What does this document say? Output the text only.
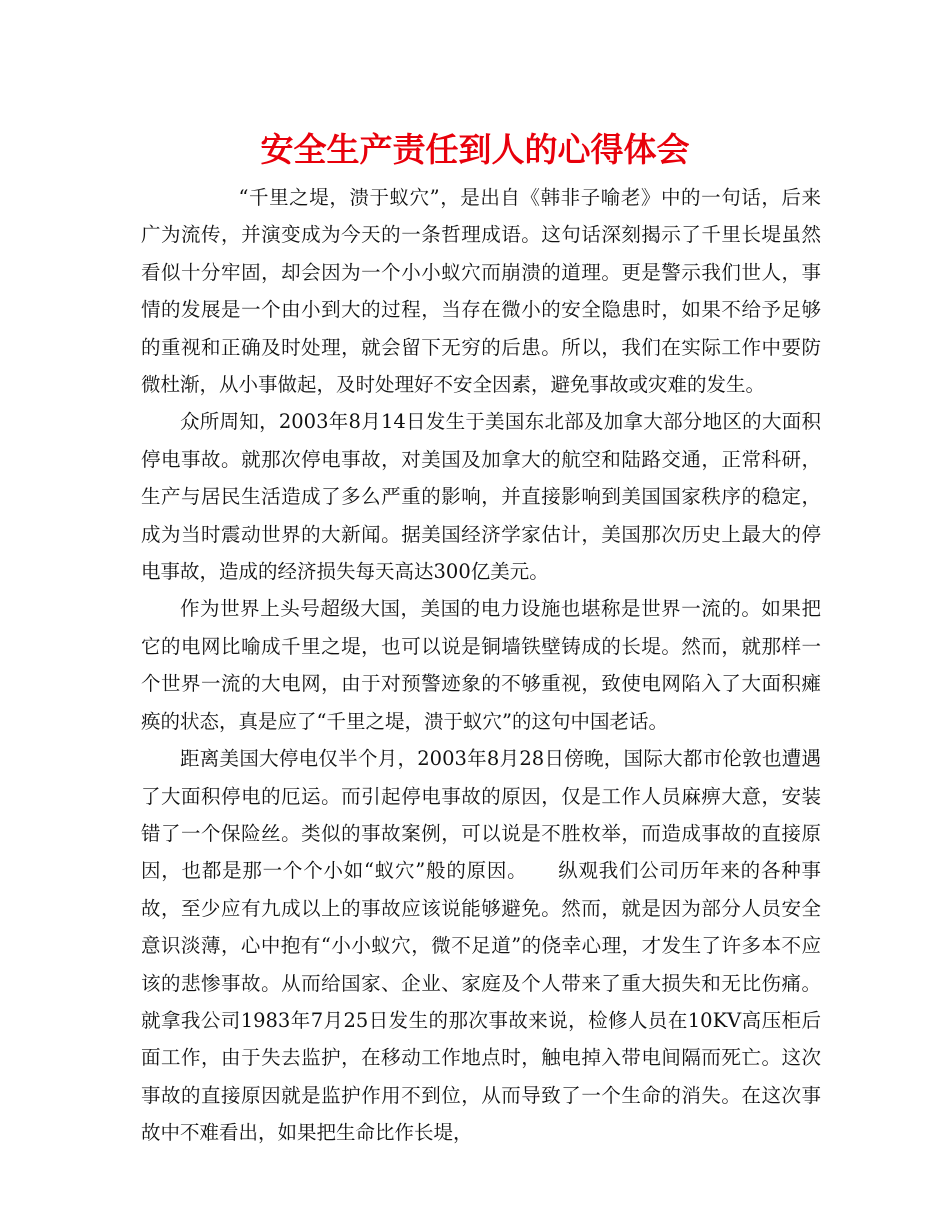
安全生产责任到人的心得体会

“千里之堤，溃于蚁穴”，是出自《韩非子喻老》中的一句话，后来广为流传，并演变成为今天的一条哲理成语。这句话深刻揭示了千里长堤虽然看似十分牢固，却会因为一个小小蚁穴而崩溃的道理。更是警示我们世人，事情的发展是一个由小到大的过程，当存在微小的安全隐患时，如果不给予足够的重视和正确及时处理，就会留下无穷的后患。所以，我们在实际工作中要防微杜渐，从小事做起，及时处理好不安全因素，避免事故或灾难的发生。

众所周知，2003年8月14日发生于美国东北部及加拿大部分地区的大面积停电事故。就那次停电事故，对美国及加拿大的航空和陆路交通，正常科研，生产与居民生活造成了多么严重的影响，并直接影响到美国国家秩序的稳定，成为当时震动世界的大新闻。据美国经济学家估计，美国那次历史上最大的停电事故，造成的经济损失每天高达300亿美元。

作为世界上头号超级大国，美国的电力设施也堪称是世界一流的。如果把它的电网比喻成千里之堤，也可以说是铜墙铁壁铸成的长堤。然而，就那样一个世界一流的大电网，由于对预警迹象的不够重视，致使电网陷入了大面积瘫痪的状态，真是应了“千里之堤，溃于蚁穴”的这句中国老话。

距离美国大停电仅半个月，2003年8月28日傍晚，国际大都市伦敦也遭遇了大面积停电的厄运。而引起停电事故的原因，仅是工作人员麻痹大意，安装错了一个保险丝。类似的事故案例，可以说是不胜枚举，而造成事故的直接原因，也都是那一个个小如“蚁穴”般的原因。　　纵观我们公司历年来的各种事故，至少应有九成以上的事故应该说能够避免。然而，就是因为部分人员安全意识淡薄，心中抱有“小小蚁穴，微不足道”的侥幸心理，才发生了许多本不应该的悲惨事故。从而给国家、企业、家庭及个人带来了重大损失和无比伤痛。就拿我公司1983年7月25日发生的那次事故来说，检修人员在10KV高压柜后面工作，由于失去监护，在移动工作地点时，触电掉入带电间隔而死亡。这次事故的直接原因就是监护作用不到位，从而导致了一个生命的消失。在这次事故中不难看出，如果把生命比作长堤，
